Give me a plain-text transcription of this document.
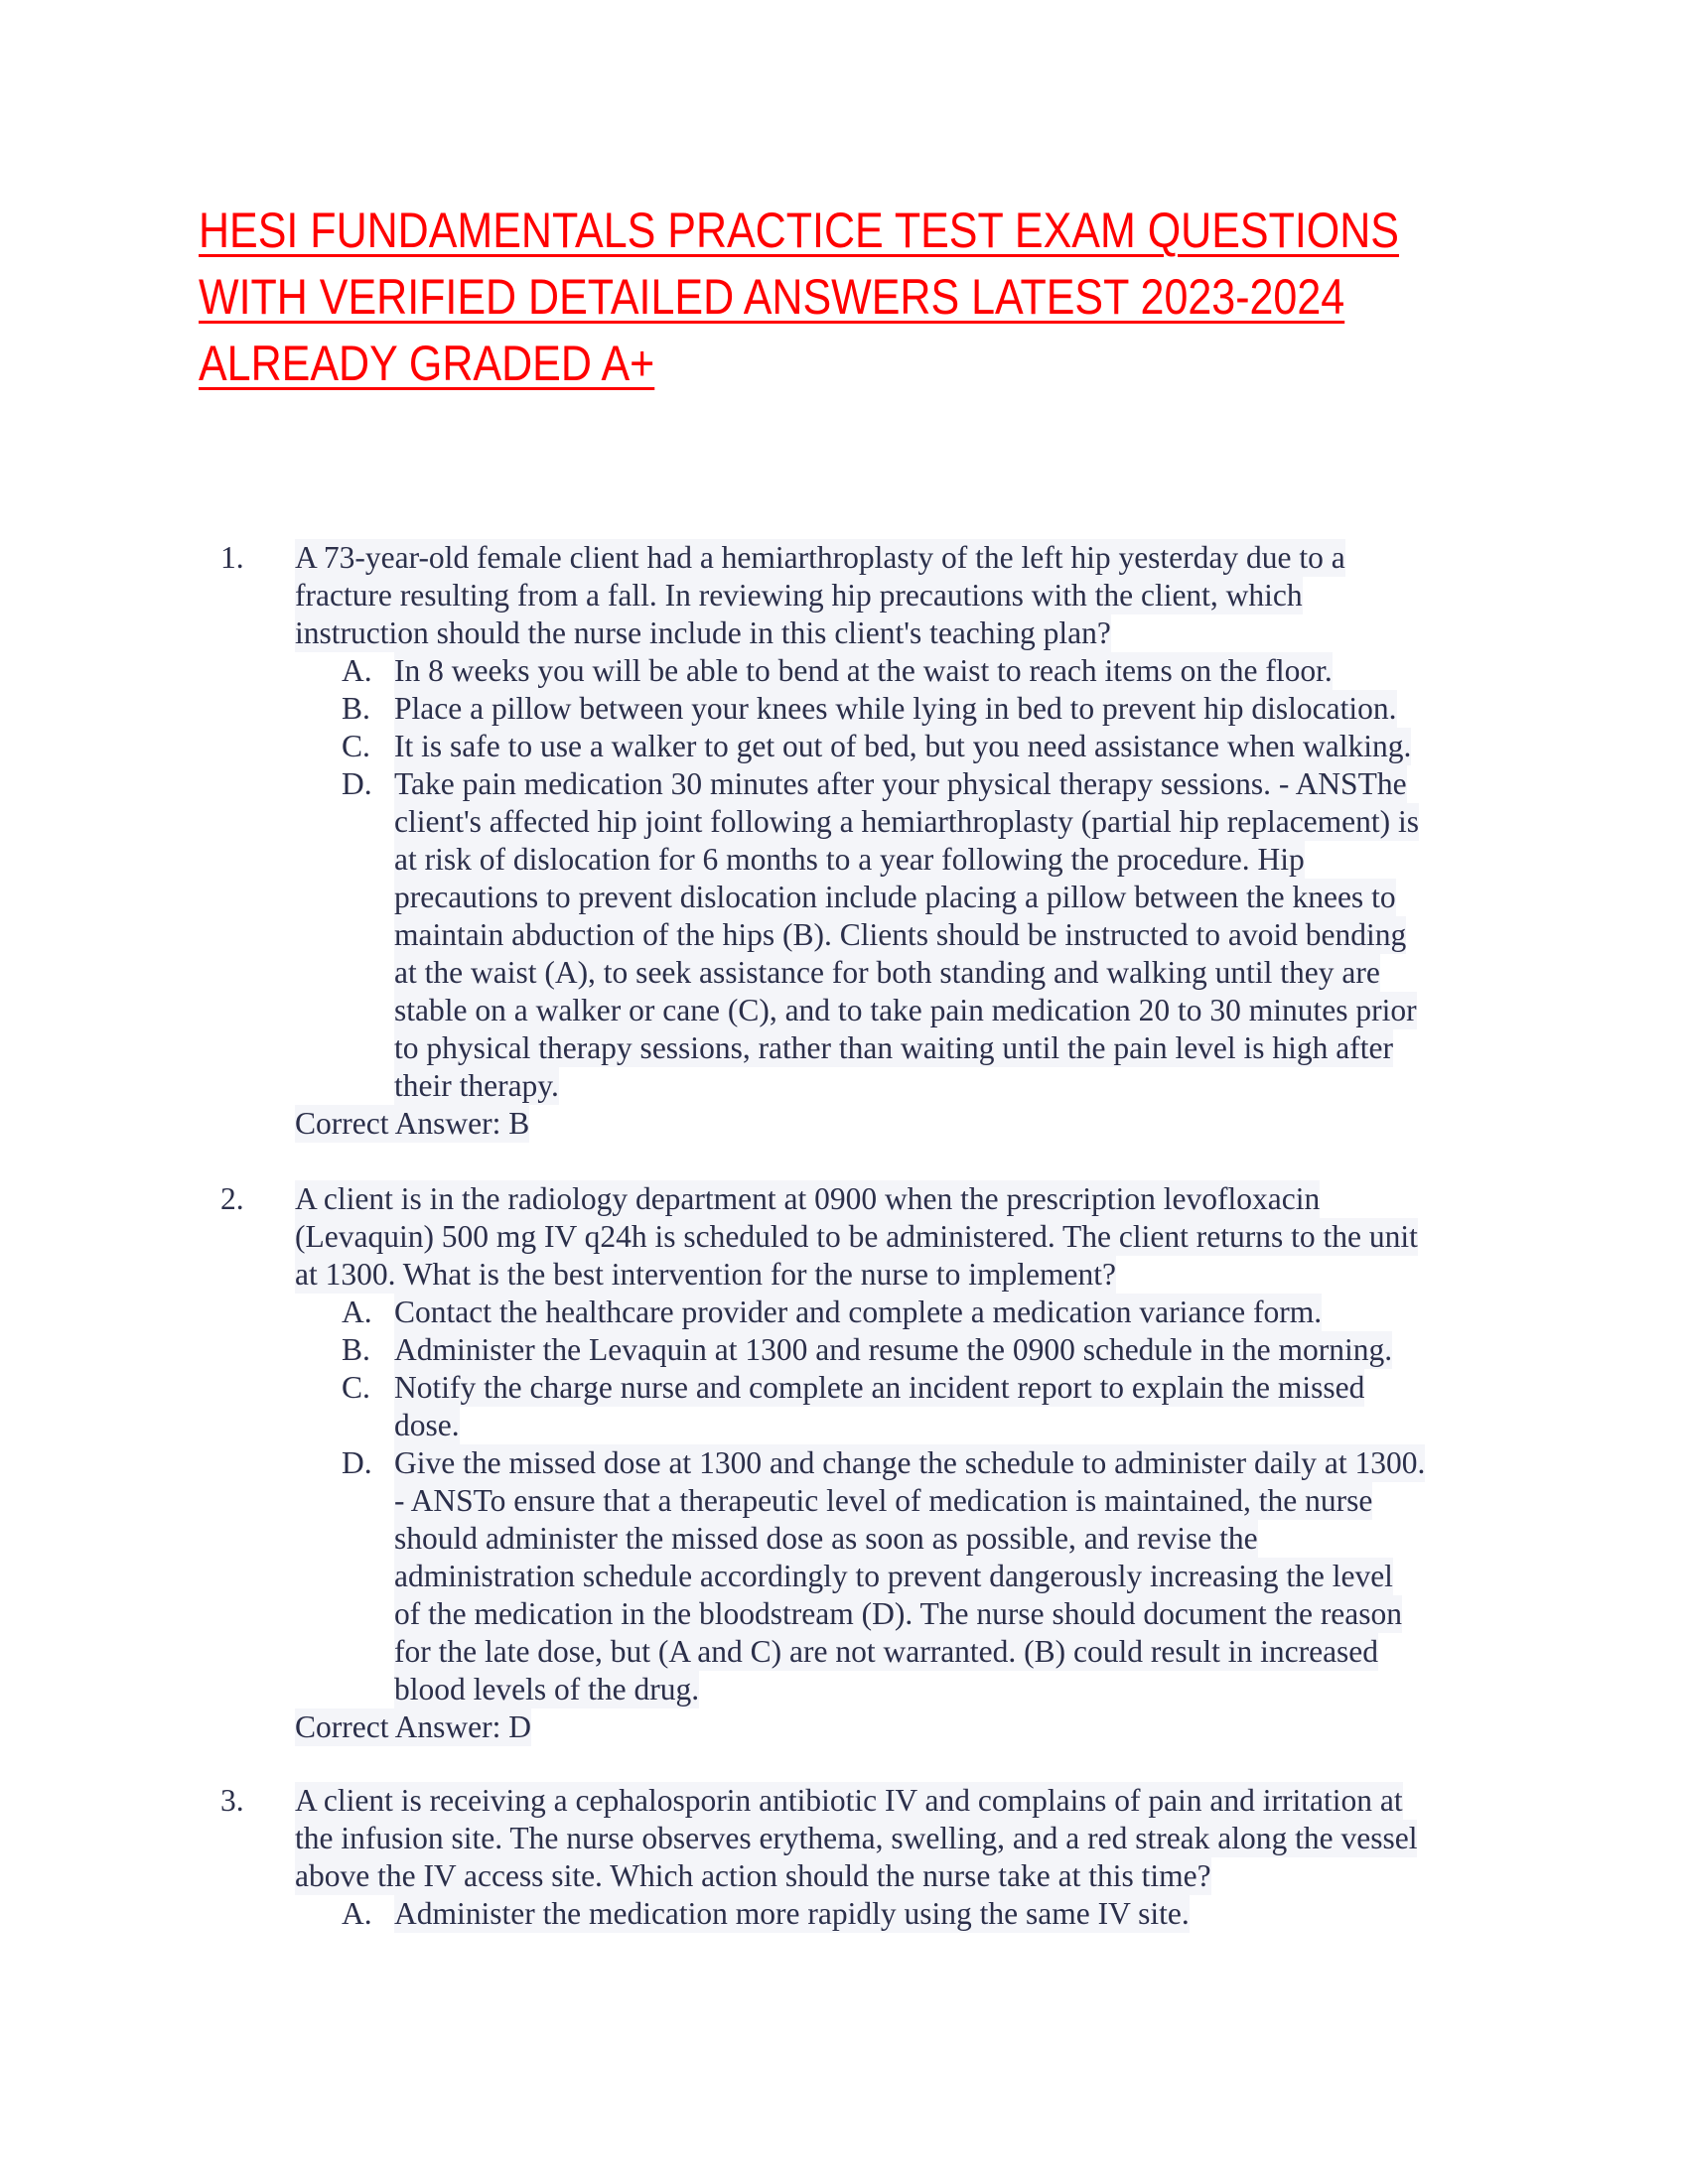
HESI FUNDAMENTALS PRACTICE TEST EXAM QUESTIONS
WITH VERIFIED DETAILED ANSWERS LATEST 2023-2024
ALREADY GRADED A+
1. A 73-year-old female client had a hemiarthroplasty of the left hip yesterday due to a
fracture resulting from a fall. In reviewing hip precautions with the client, which
instruction should the nurse include in this client's teaching plan?
A. In 8 weeks you will be able to bend at the waist to reach items on the floor.
B. Place a pillow between your knees while lying in bed to prevent hip dislocation.
C. It is safe to use a walker to get out of bed, but you need assistance when walking.
D. Take pain medication 30 minutes after your physical therapy sessions. - ANSThe
client's affected hip joint following a hemiarthroplasty (partial hip replacement) is
at risk of dislocation for 6 months to a year following the procedure. Hip
precautions to prevent dislocation include placing a pillow between the knees to
maintain abduction of the hips (B). Clients should be instructed to avoid bending
at the waist (A), to seek assistance for both standing and walking until they are
stable on a walker or cane (C), and to take pain medication 20 to 30 minutes prior
to physical therapy sessions, rather than waiting until the pain level is high after
their therapy.
Correct Answer: B
2. A client is in the radiology department at 0900 when the prescription levofloxacin
(Levaquin) 500 mg IV q24h is scheduled to be administered. The client returns to the unit
at 1300. What is the best intervention for the nurse to implement?
A. Contact the healthcare provider and complete a medication variance form.
B. Administer the Levaquin at 1300 and resume the 0900 schedule in the morning.
C. Notify the charge nurse and complete an incident report to explain the missed
dose.
D. Give the missed dose at 1300 and change the schedule to administer daily at 1300.
- ANSTo ensure that a therapeutic level of medication is maintained, the nurse
should administer the missed dose as soon as possible, and revise the
administration schedule accordingly to prevent dangerously increasing the level
of the medication in the bloodstream (D). The nurse should document the reason
for the late dose, but (A and C) are not warranted. (B) could result in increased
blood levels of the drug.
Correct Answer: D
3. A client is receiving a cephalosporin antibiotic IV and complains of pain and irritation at
the infusion site. The nurse observes erythema, swelling, and a red streak along the vessel
above the IV access site. Which action should the nurse take at this time?
A. Administer the medication more rapidly using the same IV site.
